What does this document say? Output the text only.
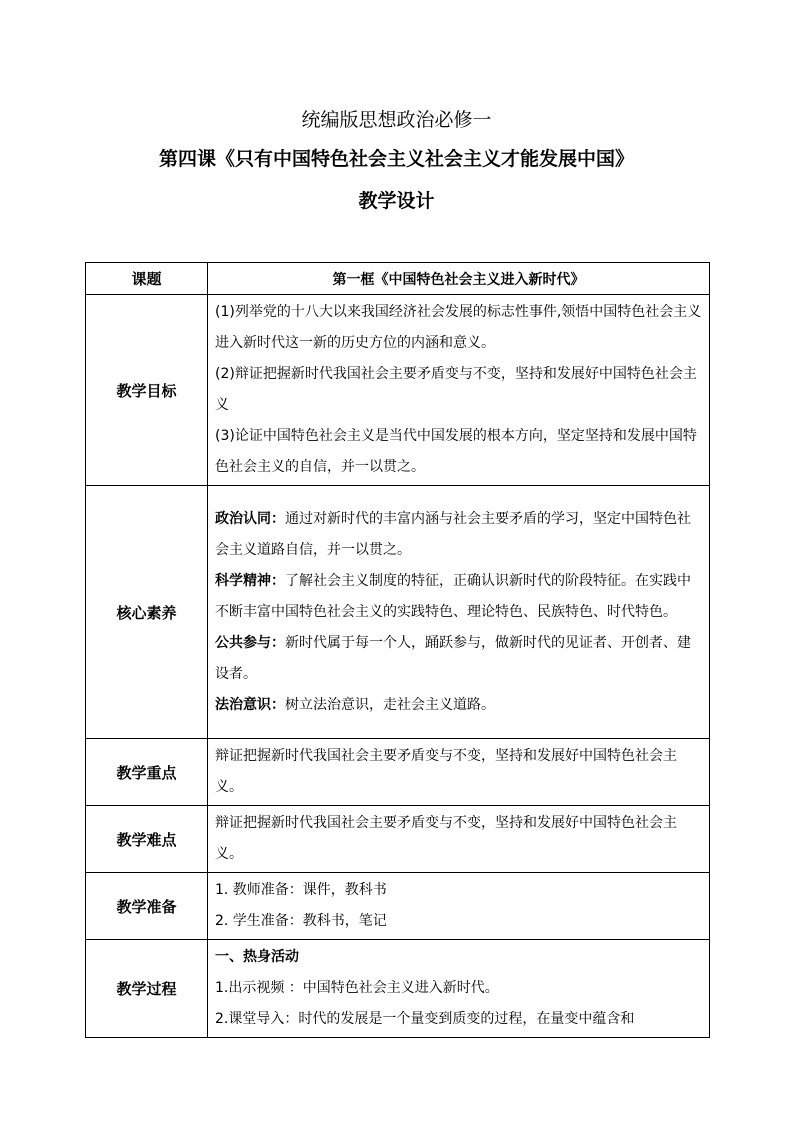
统编版思想政治必修一
第四课《只有中国特色社会主义社会主义才能发展中国》
教学设计
课题	第一框《中国特色社会主义进入新时代》
教学目标	(1)列举党的十八大以来我国经济社会发展的标志性事件,领悟中国特色社会主义进入新时代这一新的历史方位的内涵和意义。

(2)辩证把握新时代我国社会主要矛盾变与不变，坚持和发展好中国特色社会主义

(3)论证中国特色社会主义是当代中国发展的根本方向，坚定坚持和发展中国特色社会主义的自信，并一以贯之。

核心素养	政治认同：通过对新时代的丰富内涵与社会主要矛盾的学习，坚定中国特色社会主义道路自信，并一以贯之。

科学精神：了解社会主义制度的特征，正确认识新时代的阶段特征。在实践中不断丰富中国特色社会主义的实践特色、理论特色、民族特色、时代特色。

公共参与：新时代属于每一个人，踊跃参与，做新时代的见证者、开创者、建设者。

法治意识：树立法治意识，走社会主义道路。

教学重点	辩证把握新时代我国社会主要矛盾变与不变，坚持和发展好中国特色社会主义。
教学难点	辩证把握新时代我国社会主要矛盾变与不变，坚持和发展好中国特色社会主义。
教学准备	1. 教师准备：课件，教科书

2. 学生准备：教科书，笔记

教学过程	一、热身活动

1.出示视频 ：中国特色社会主义进入新时代。

2.课堂导入：时代的发展是一个量变到质变的过程，在量变中蕴含和
